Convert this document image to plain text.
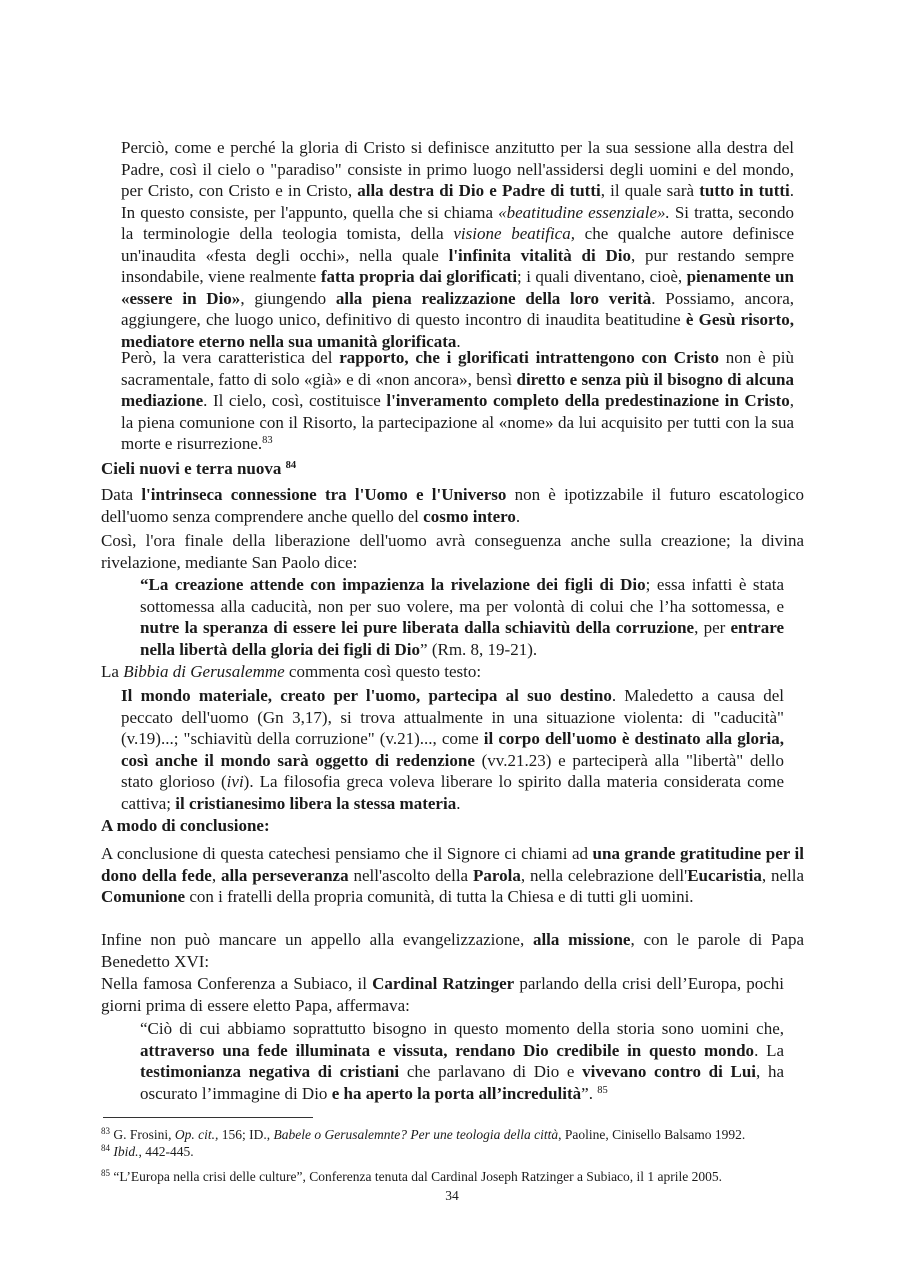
Perciò, come e perché la gloria di Cristo si definisce anzitutto per la sua sessione alla destra del Padre, così il cielo o "paradiso" consiste in primo luogo nell'assidersi degli uomini e del mondo, per Cristo, con Cristo e in Cristo, alla destra di Dio e Padre di tutti, il quale sarà tutto in tutti. In questo consiste, per l'appunto, quella che si chiama «beatitudine essenziale». Si tratta, secondo la terminologie della teologia tomista, della visione beatifica, che qualche autore definisce un'inaudita «festa degli occhi», nella quale l'infinita vitalità di Dio, pur restando sempre insondabile, viene realmente fatta propria dai glorificati; i quali diventano, cioè, pienamente un «essere in Dio», giungendo alla piena realizzazione della loro verità. Possiamo, ancora, aggiungere, che luogo unico, definitivo di questo incontro di inaudita beatitudine è Gesù risorto, mediatore eterno nella sua umanità glorificata.

Però, la vera caratteristica del rapporto, che i glorificati intrattengono con Cristo non è più sacramentale, fatto di solo «già» e di «non ancora», bensì diretto e senza più il bisogno di alcuna mediazione. Il cielo, così, costituisce l'inveramento completo della predestinazione in Cristo, la piena comunione con il Risorto, la partecipazione al «nome» da lui acquisito per tutti con la sua morte e risurrezione.$^{83}$

Cieli nuovi e terra nuova $^{84}$

Data l'intrinseca connessione tra l'Uomo e l'Universo non è ipotizzabile il futuro escatologico dell'uomo senza comprendere anche quello del cosmo intero.

Così, l'ora finale della liberazione dell'uomo avrà conseguenza anche sulla creazione; la divina rivelazione, mediante San Paolo dice:

“La creazione attende con impazienza la rivelazione dei figli di Dio; essa infatti è stata sottomessa alla caducità, non per suo volere, ma per volontà di colui che l’ha sottomessa, e nutre la speranza di essere lei pure liberata dalla schiavitù della corruzione, per entrare nella libertà della gloria dei figli di Dio” (Rm. 8, 19-21).

La Bibbia di Gerusalemme commenta così questo testo:

Il mondo materiale, creato per l'uomo, partecipa al suo destino. Maledetto a causa del peccato dell'uomo (Gn 3,17), si trova attualmente in una situazione violenta: di "caducità" (v.19)...; "schiavitù della corruzione" (v.21)..., come il corpo dell'uomo è destinato alla gloria, così anche il mondo sarà oggetto di redenzione (vv.21.23) e parteciperà alla "libertà" dello stato glorioso (ivi). La filosofia greca voleva liberare lo spirito dalla materia considerata come cattiva; il cristianesimo libera la stessa materia.

A modo di conclusione:

A conclusione di questa catechesi pensiamo che il Signore ci chiami ad una grande gratitudine per il dono della fede, alla perseveranza nell'ascolto della Parola, nella celebrazione dell'Eucaristia, nella Comunione con i fratelli della propria comunità, di tutta la Chiesa e di tutti gli uomini.

Infine non può mancare un appello alla evangelizzazione, alla missione, con le parole di Papa Benedetto XVI:

Nella famosa Conferenza a Subiaco, il Cardinal Ratzinger parlando della crisi dell’Europa, pochi giorni prima di essere eletto Papa, affermava:

“Ciò di cui abbiamo soprattutto bisogno in questo momento della storia sono uomini che, attraverso una fede illuminata e vissuta, rendano Dio credibile in questo mondo. La testimonianza negativa di cristiani che parlavano di Dio e vivevano contro di Lui, ha oscurato l’immagine di Dio e ha aperto la porta all’incredulità”. $^{85}$

$^{83}$ G. Frosini, Op. cit., 156; ID., Babele o Gerusalemnte? Per une teologia della città, Paoline, Cinisello Balsamo 1992.

$^{84}$ Ibid., 442-445.

$^{85}$ “L’Europa nella crisi delle culture”, Conferenza tenuta dal Cardinal Joseph Ratzinger a Subiaco, il 1 aprile 2005.

34
